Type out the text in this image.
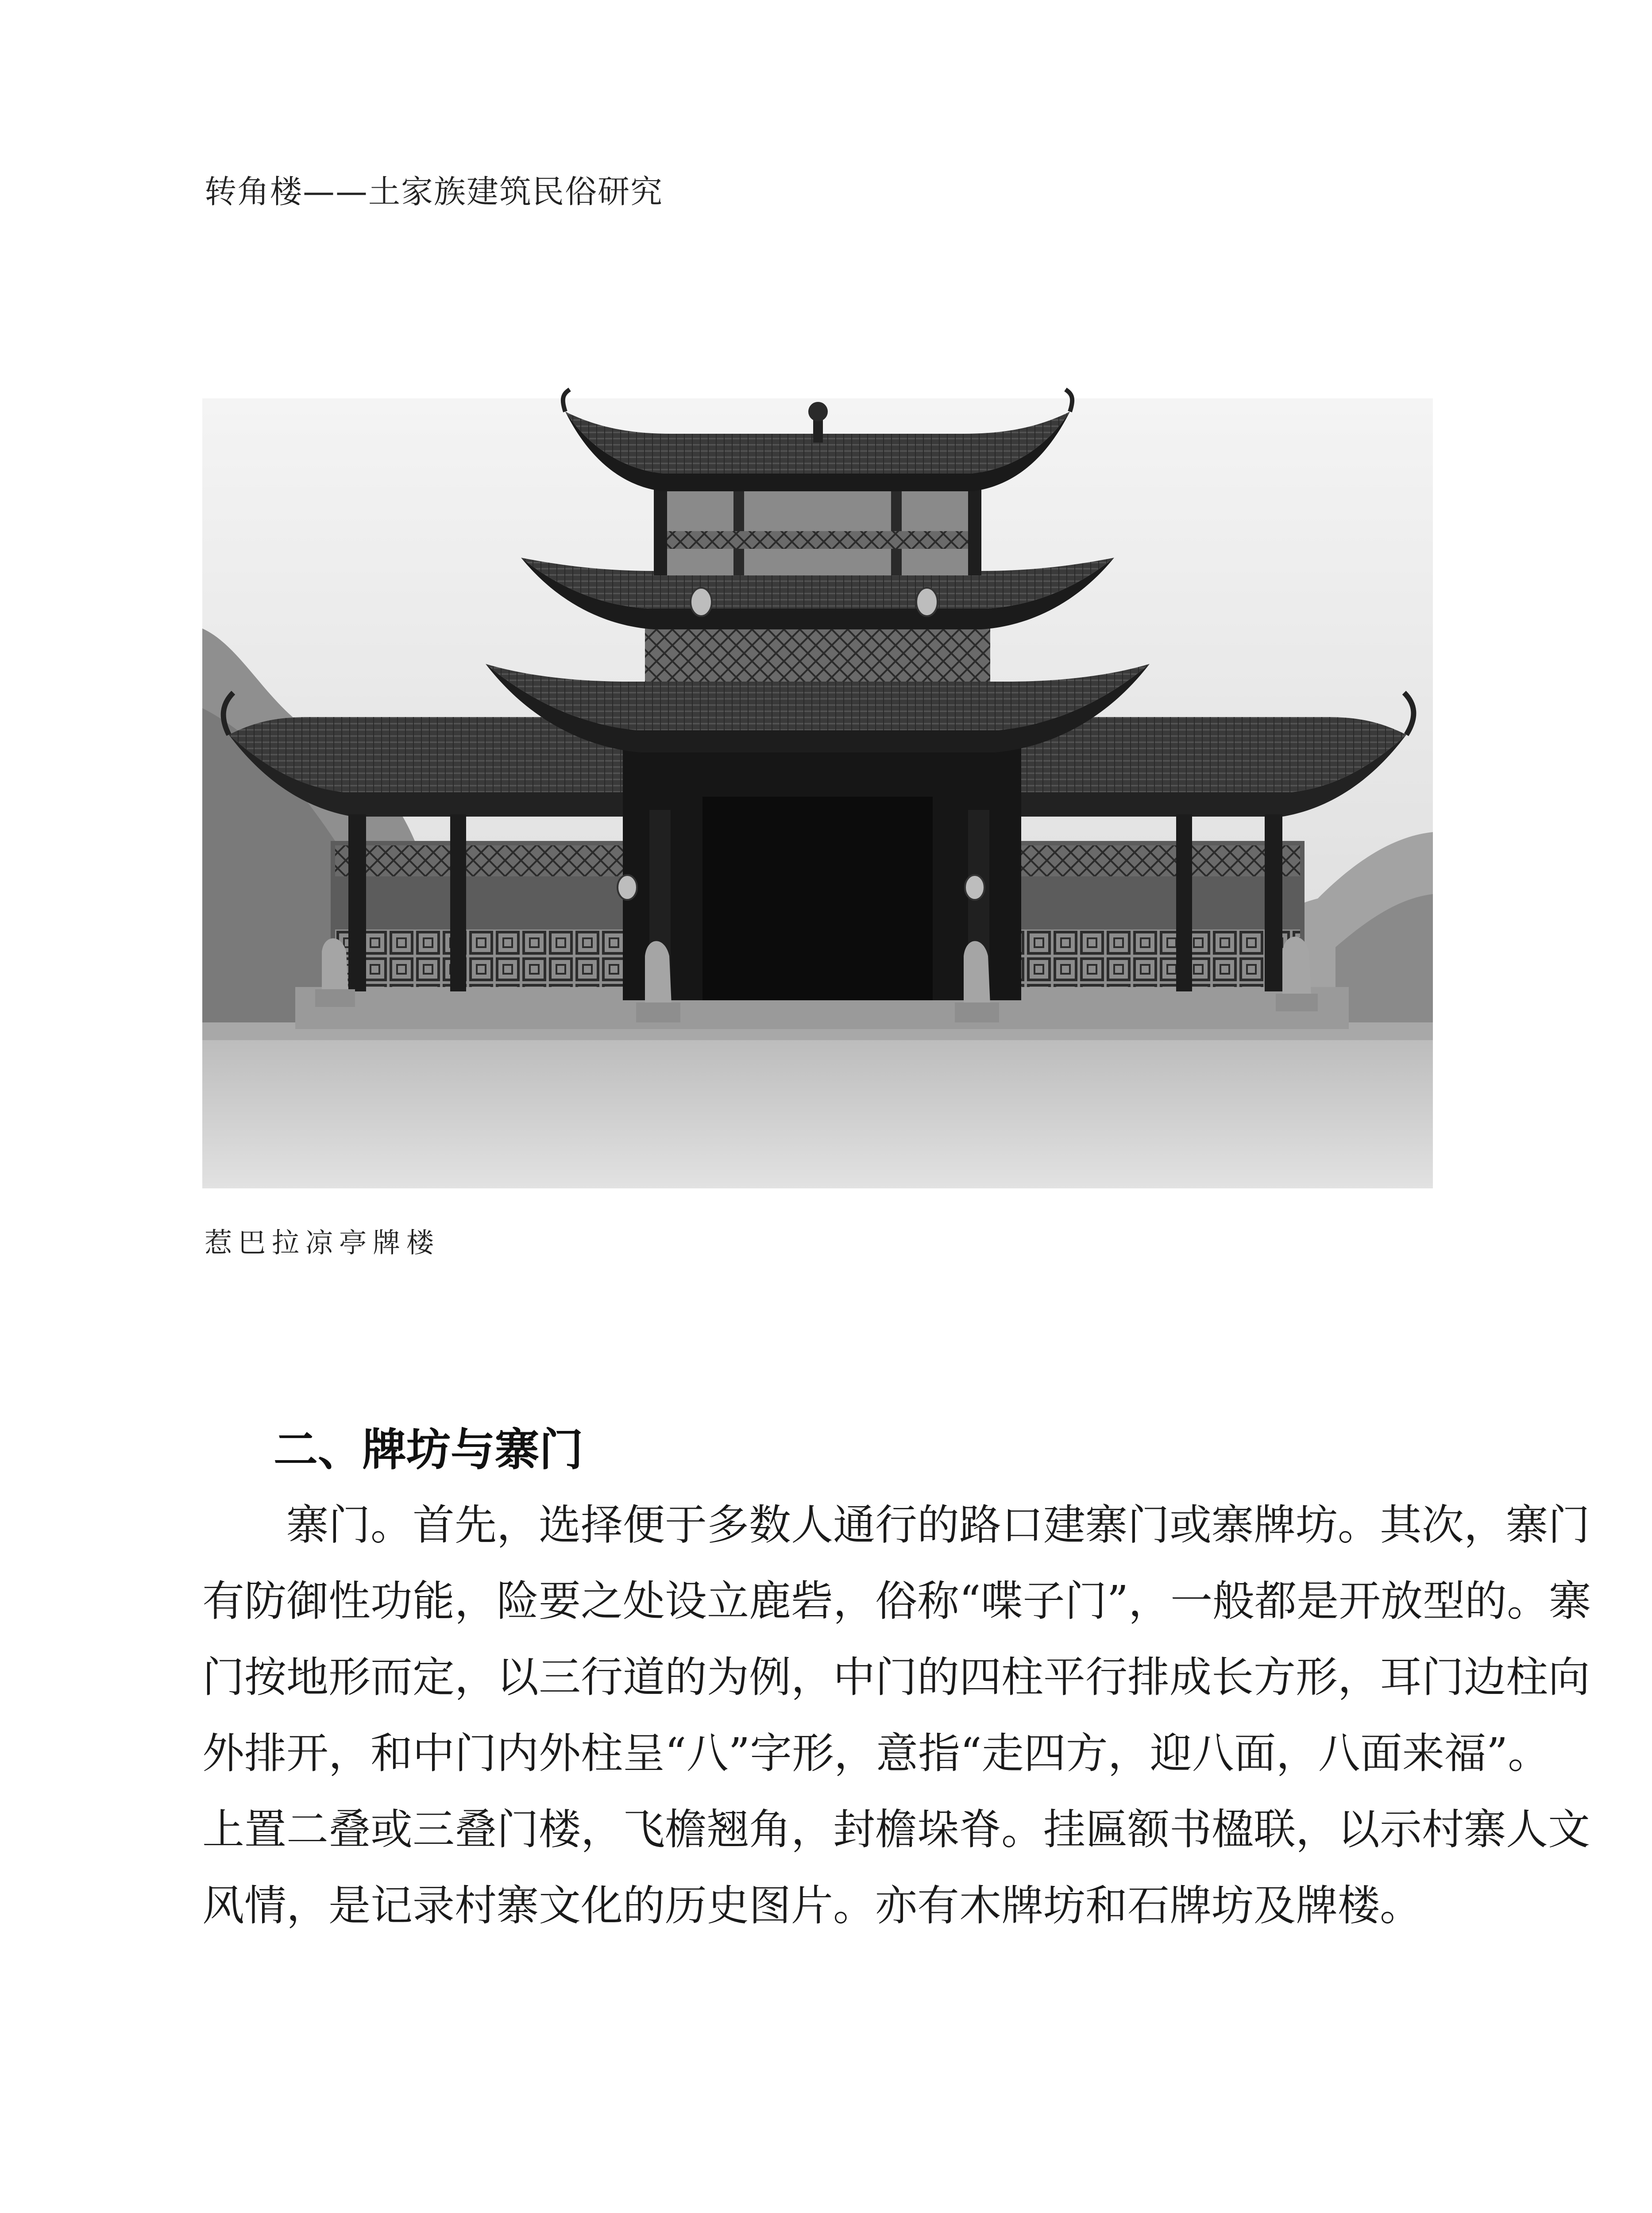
转角楼——土家族建筑民俗研究
惹巴拉凉亭牌楼
二、牌坊与寨门
　　寨门。首先，选择便于多数人通行的路口建寨门或寨牌坊。其次，寨门
有防御性功能，险要之处设立鹿砦，俗称“喋子门”，一般都是开放型的。寨
门按地形而定，以三行道的为例，中门的四柱平行排成长方形，耳门边柱向
外排开，和中门内外柱呈“八”字形，意指“走四方，迎八面，八面来福”。
上置二叠或三叠门楼，飞檐翘角，封檐垛脊。挂匾额书楹联，以示村寨人文
风情，是记录村寨文化的历史图片。亦有木牌坊和石牌坊及牌楼。
